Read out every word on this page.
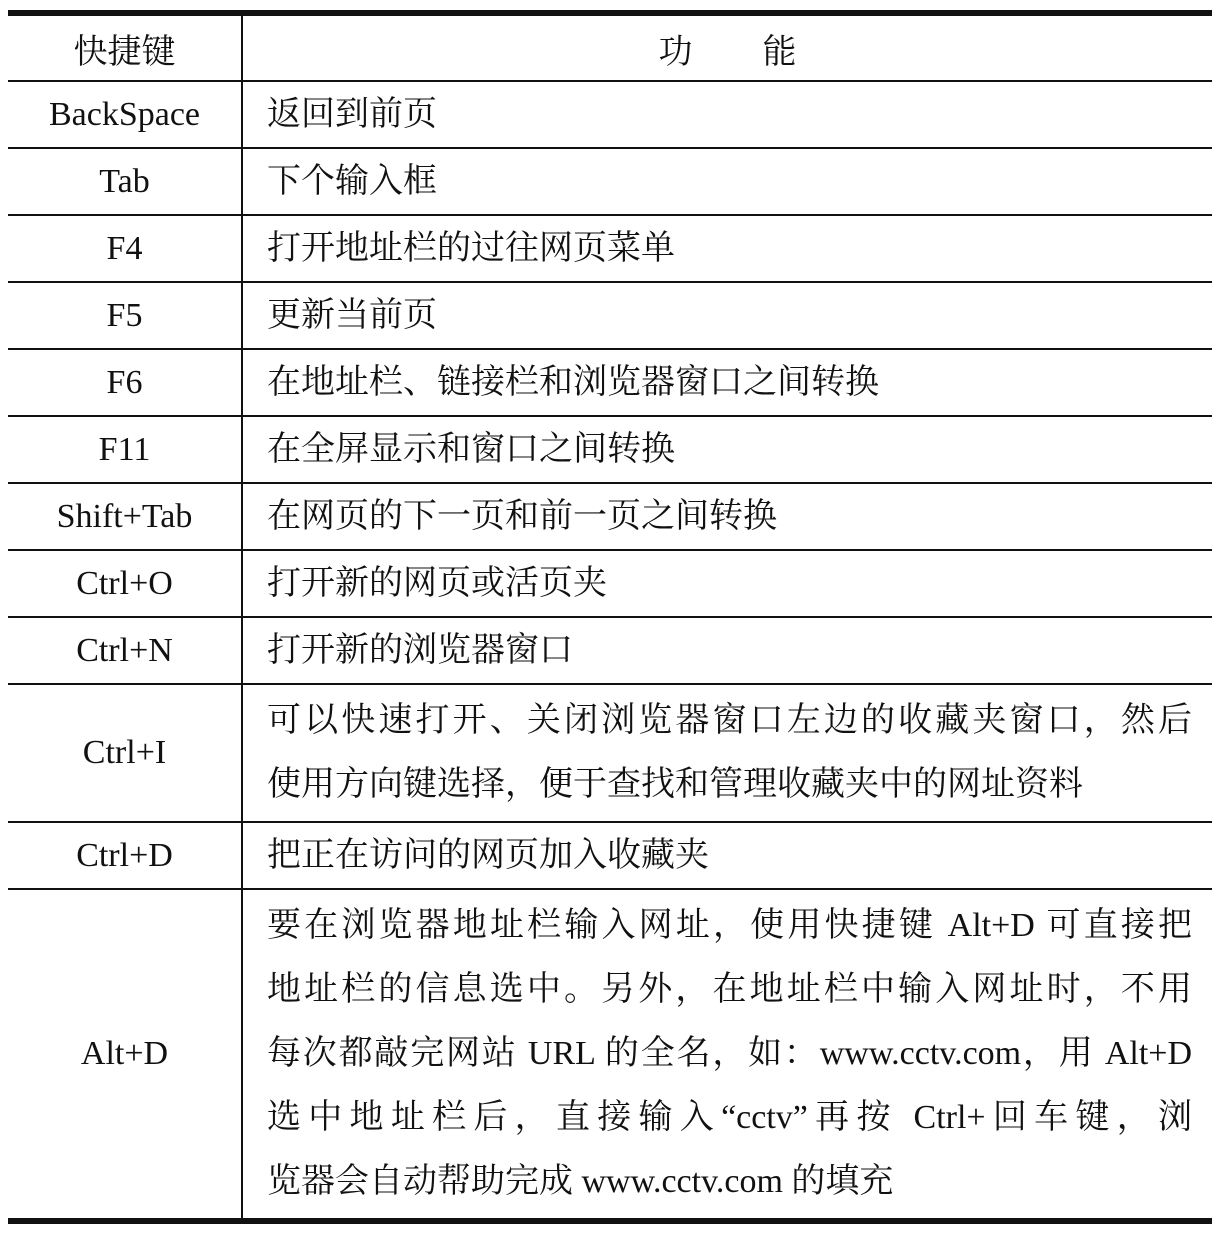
快捷键	功 能
BackSpace	返回到前页

Tab	下个输入框

F4	打开地址栏的过往网页菜单

F5	更新当前页

F6	在地址栏、链接栏和浏览器窗口之间转换

F11	在全屏显示和窗口之间转换

Shift+Tab	在网页的下一页和前一页之间转换

Ctrl+O	打开新的网页或活页夹

Ctrl+N	打开新的浏览器窗口

Ctrl+I	可以快速打开、关闭浏览器窗口左边的收藏夹窗口，然后
使用方向键选择，便于查找和管理收藏夹中的网址资料

Ctrl+D	把正在访问的网页加入收藏夹

Alt+D	要在浏览器地址栏输入网址，使用快捷键 Alt+D 可直接把
地址栏的信息选中。另外，在地址栏中输入网址时，不用
每次都敲完网站 URL 的全名，如：www.cctv.com，用 Alt+D
选中地址栏后，直接输入“cctv”再按 Ctrl+回车键，浏
览器会自动帮助完成 www.cctv.com 的填充
